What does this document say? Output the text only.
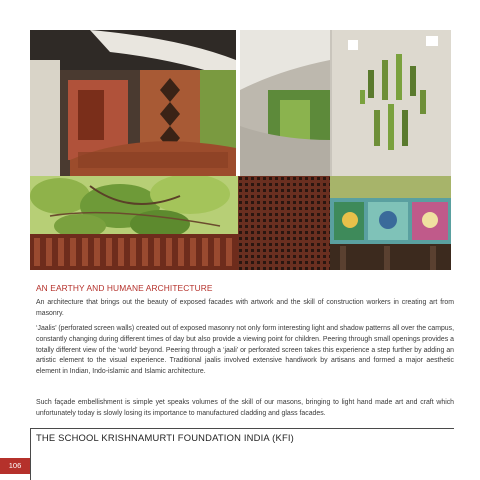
AN EARTHY AND HUMANE ARCHITECTURE

An architecture that brings out the beauty of exposed facades with artwork and the skill of construction workers in creating art from masonry.

‘Jaalis’ (perforated screen walls) created out of exposed masonry not only form interesting light and shadow patterns all over the campus, constantly changing during different times of day but also provide a viewing point for children. Peering through small openings provides a totally different view of the ‘world’ beyond. Peering through a ‘jaali’ or perforated screen takes this experience a step further by adding an artistic element to the visual experience. Traditional jaalis involved extensive handiwork by artisans and formed a major aesthetic element in Indian, Indo-islamic and Islamic architecture.

Such façade embellishment is simple yet speaks volumes of the skill of our masons, bringing to light hand made art and craft which unfortunately today is slowly losing its importance to manufactured cladding and glass facades.

THE SCHOOL KRISHNAMURTI FOUNDATION INDIA (KFI)
106
